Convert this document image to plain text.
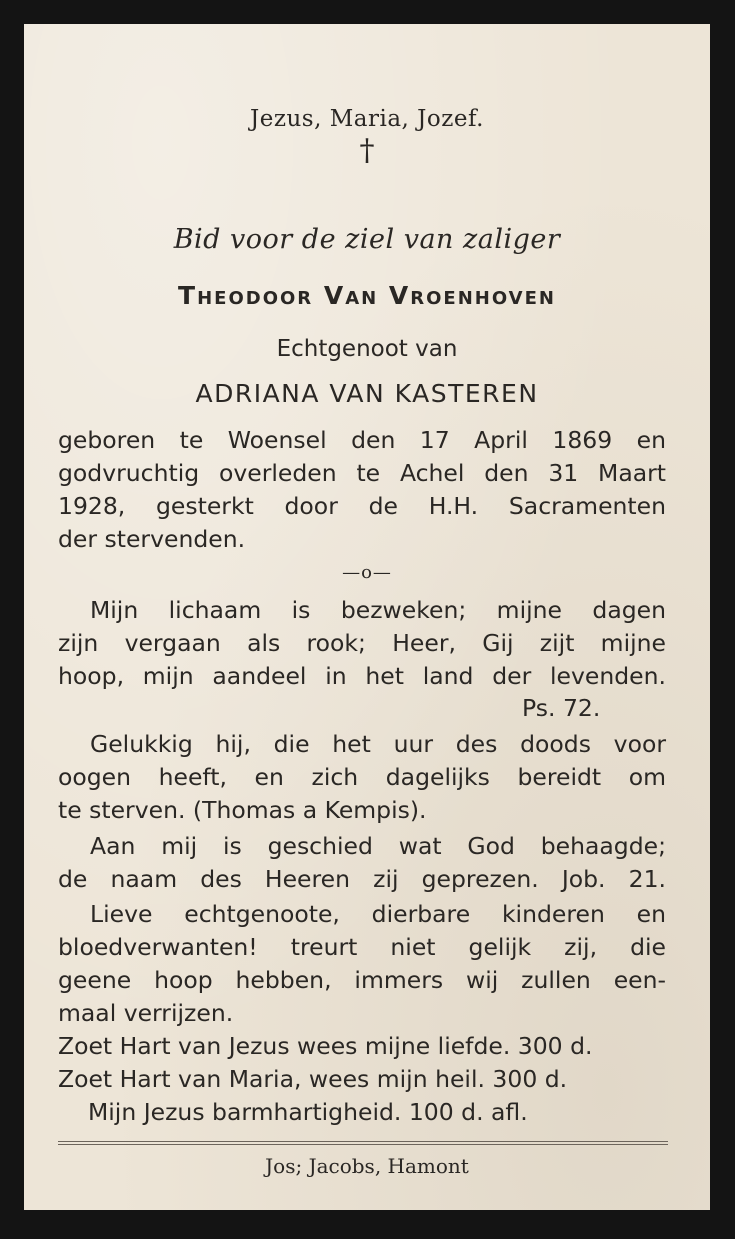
Jezus, Maria, Jozef.
†
Bid voor de ziel van zaliger
Theodoor Van Vroenhoven
Echtgenoot van
ADRIANA VAN KASTEREN
geboren te Woensel den 17 April 1869 en
godvruchtig overleden te Achel den 31 Maart
1928, gesterkt door de H.H. Sacramenten
der stervenden.
—o—
Mijn lichaam is bezweken; mijne dagen
zijn vergaan als rook; Heer, Gij zijt mijne
hoop, mijn aandeel in het land der levenden.
Ps. 72.
Gelukkig hij, die het uur des doods voor
oogen heeft, en zich dagelijks bereidt om
te sterven. (Thomas a Kempis).
Aan mij is geschied wat God behaagde;
de naam des Heeren zij geprezen. Job. 21.
Lieve echtgenoote, dierbare kinderen en
bloedverwanten! treurt niet gelijk zij, die
geene hoop hebben, immers wij zullen een-
maal verrijzen.
Zoet Hart van Jezus wees mijne liefde. 300 d.
Zoet Hart van Maria, wees mijn heil. 300 d.
Mijn Jezus barmhartigheid. 100 d. afl.
Jos; Jacobs, Hamont
